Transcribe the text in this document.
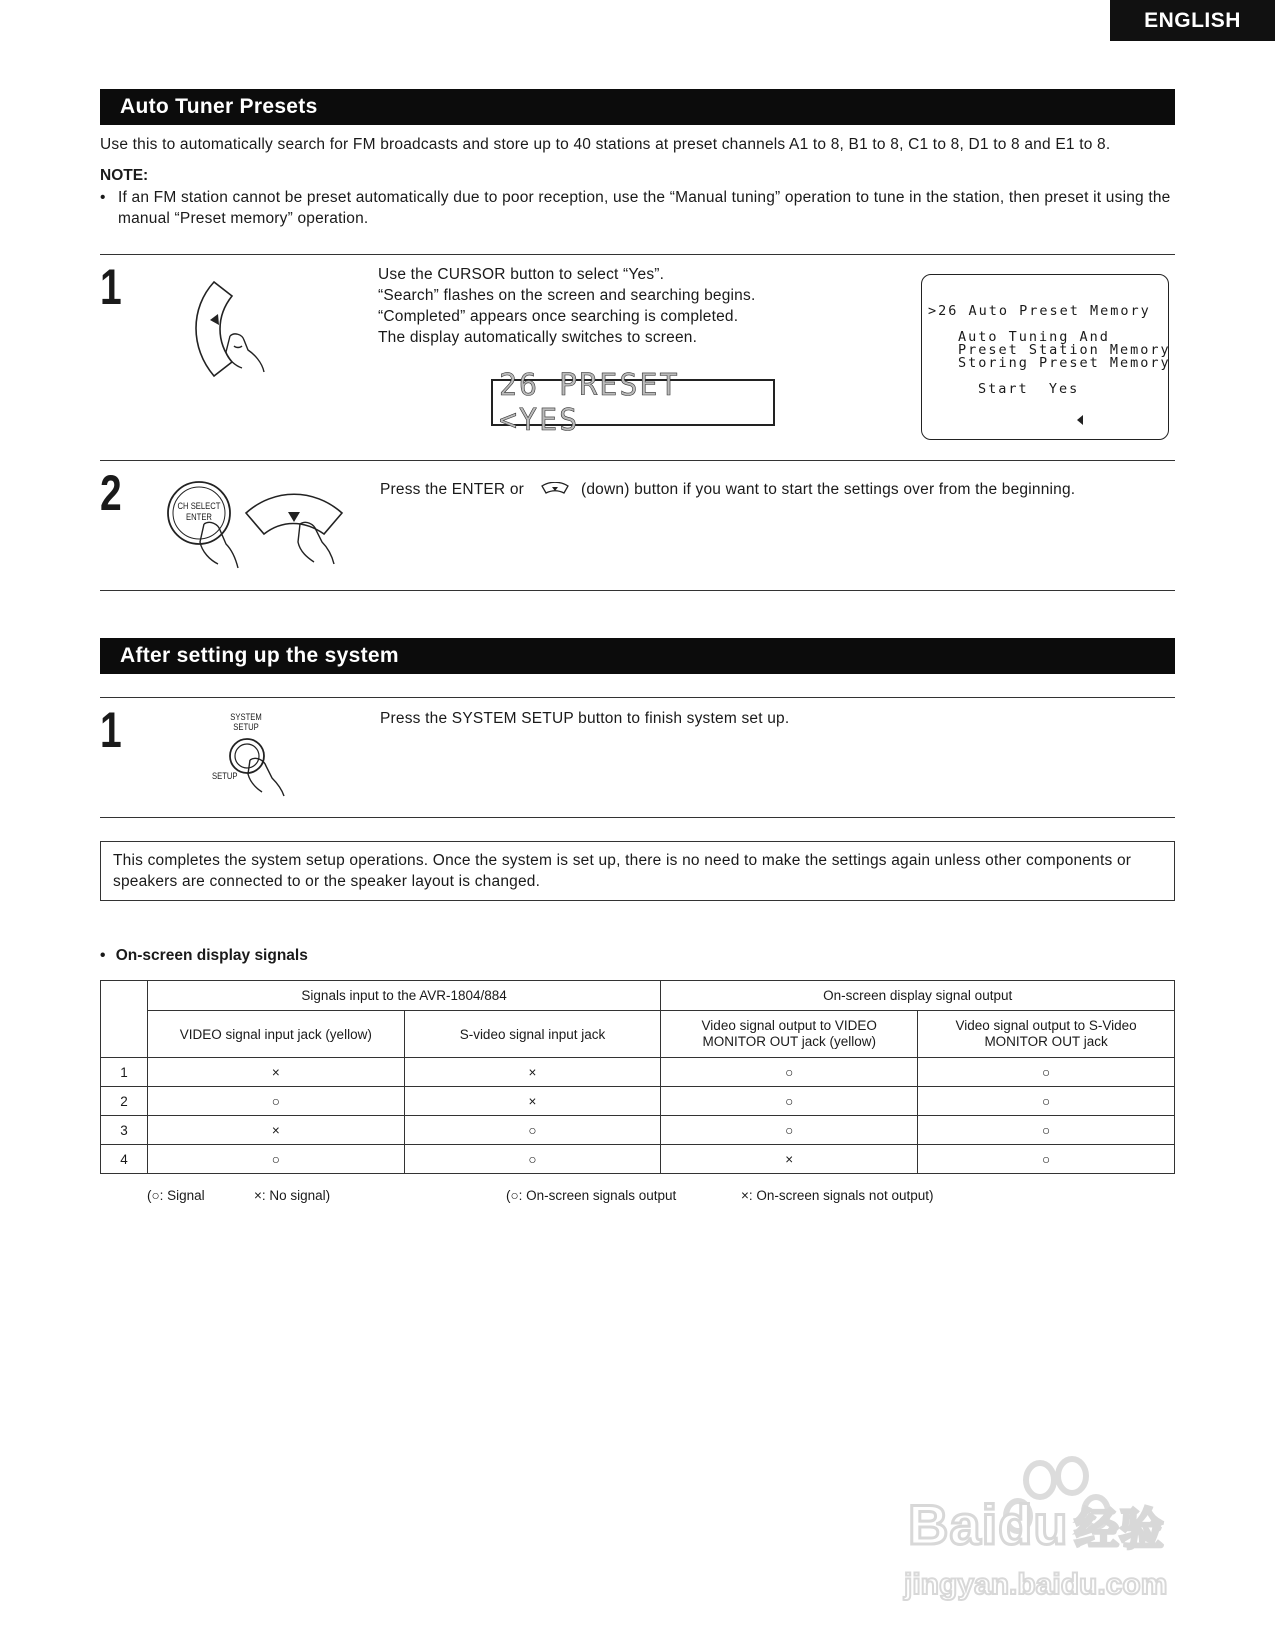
ENGLISH
Auto Tuner Presets
Use this to automatically search for FM broadcasts and store up to 40 stations at preset channels A1 to 8, B1 to 8, C1 to 8, D1 to 8 and E1 to 8.
NOTE:
• If an FM station cannot be preset automatically due to poor reception, use the “Manual tuning” operation to tune in the station, then preset it using the manual “Preset memory” operation.
1	Use the CURSOR button to select “Yes”.
“Search” flashes on the screen and searching begins.
“Completed” appears once searching is completed.
The display automatically switches to screen.
26 PRESET <YES
>26 Auto Preset Memory
Auto Tuning And
Preset Station Memory
Storing Preset Memory
Start  Yes

2	CH SELECT
ENTER
Press the ENTER or	(down) button if you want to start the settings over from the beginning.
After setting up the system
1	SYSTEM
SETUP
SETUP
Press the SYSTEM SETUP button to finish system set up.
This completes the system setup operations. Once the system is set up, there is no need to make the settings again unless other components or speakers are connected to or the speaker layout is changed.
• On-screen display signals
	Signals input to the AVR-1804/884		On-screen display signal output	
	VIDEO signal input jack (yellow)	S-video signal input jack	Video signal output to VIDEO MONITOR OUT jack (yellow)	Video signal output to S-Video MONITOR OUT jack
1	×	×	○	○
2	○	×	○	○
3	×	○	○	○
4	○	○	×	○
(○: Signal	×: No signal)	(○: On-screen signals output	×: On-screen signals not output)
Baidu 经验
jingyan.baidu.com
